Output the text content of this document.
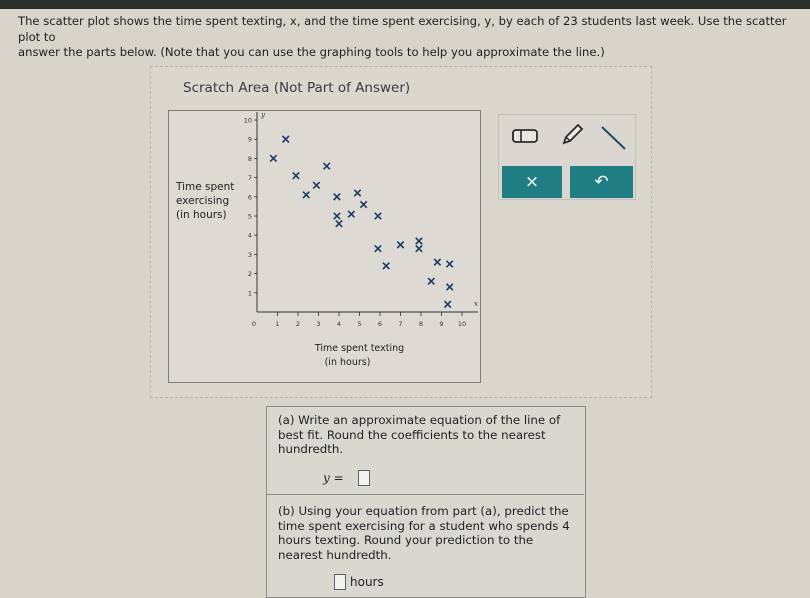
The scatter plot shows the time spent texting, x, and the time spent exercising, y, by each of 23 students last week. Use the scatter plot to
answer the parts below. (Note that you can use the graphing tools to help you approximate the line.)
Scratch Area (Not Part of Answer)
0	1	2	3	4	5	6	7	8	9 10
1
2
3
4
5
6
7
8
9
10
x
y
Time spent texting
(in hours)
Time spent
exercising
(in hours)
×	↶
(a) Write an approximate equation of the line of best fit. Round the coefficients to the nearest hundredth.
y =
(b) Using your equation from part (a), predict the time spent exercising for a student who spends 4 hours texting. Round your prediction to the nearest hundredth.
hours
